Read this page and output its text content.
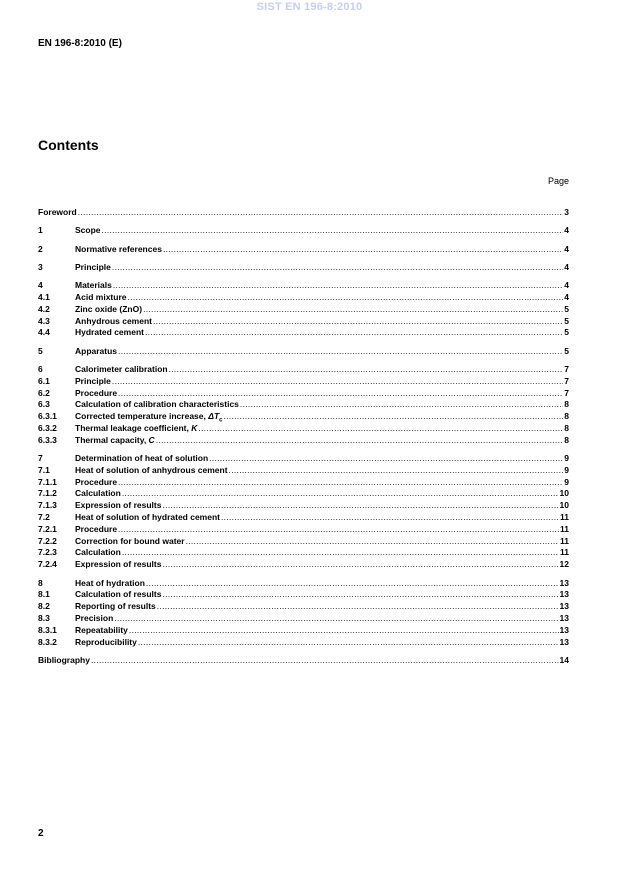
SIST EN 196-8:2010
EN 196-8:2010 (E)
Contents
Page
Foreword .....	3
1	Scope .....	4
2	Normative references .....	4
3	Principle .....	4
4	Materials .....	4
4.1	Acid mixture .....	4
4.2	Zinc oxide (ZnO) .....	5
4.3	Anhydrous cement .....	5
4.4	Hydrated cement .....	5
5	Apparatus .....	5
6	Calorimeter calibration .....	7
6.1	Principle .....	7
6.2	Procedure .....	7
6.3	Calculation of calibration characteristics .....	8
6.3.1	Corrected temperature increase, $\Delta T_c$ .....	8
6.3.2	Thermal leakage coefficient, K .....	8
6.3.3	Thermal capacity, C .....	8
7	Determination of heat of solution .....	9
7.1	Heat of solution of anhydrous cement .....	9
7.1.1	Procedure .....	9
7.1.2	Calculation .....	10
7.1.3	Expression of results .....	10
7.2	Heat of solution of hydrated cement .....	11
7.2.1	Procedure .....	11
7.2.2	Correction for bound water .....	11
7.2.3	Calculation .....	11
7.2.4	Expression of results .....	12
8	Heat of hydration .....	13
8.1	Calculation of results .....	13
8.2	Reporting of results .....	13
8.3	Precision .....	13
8.3.1	Repeatability .....	13
8.3.2	Reproducibility .....	13
Bibliography .....	14
2
